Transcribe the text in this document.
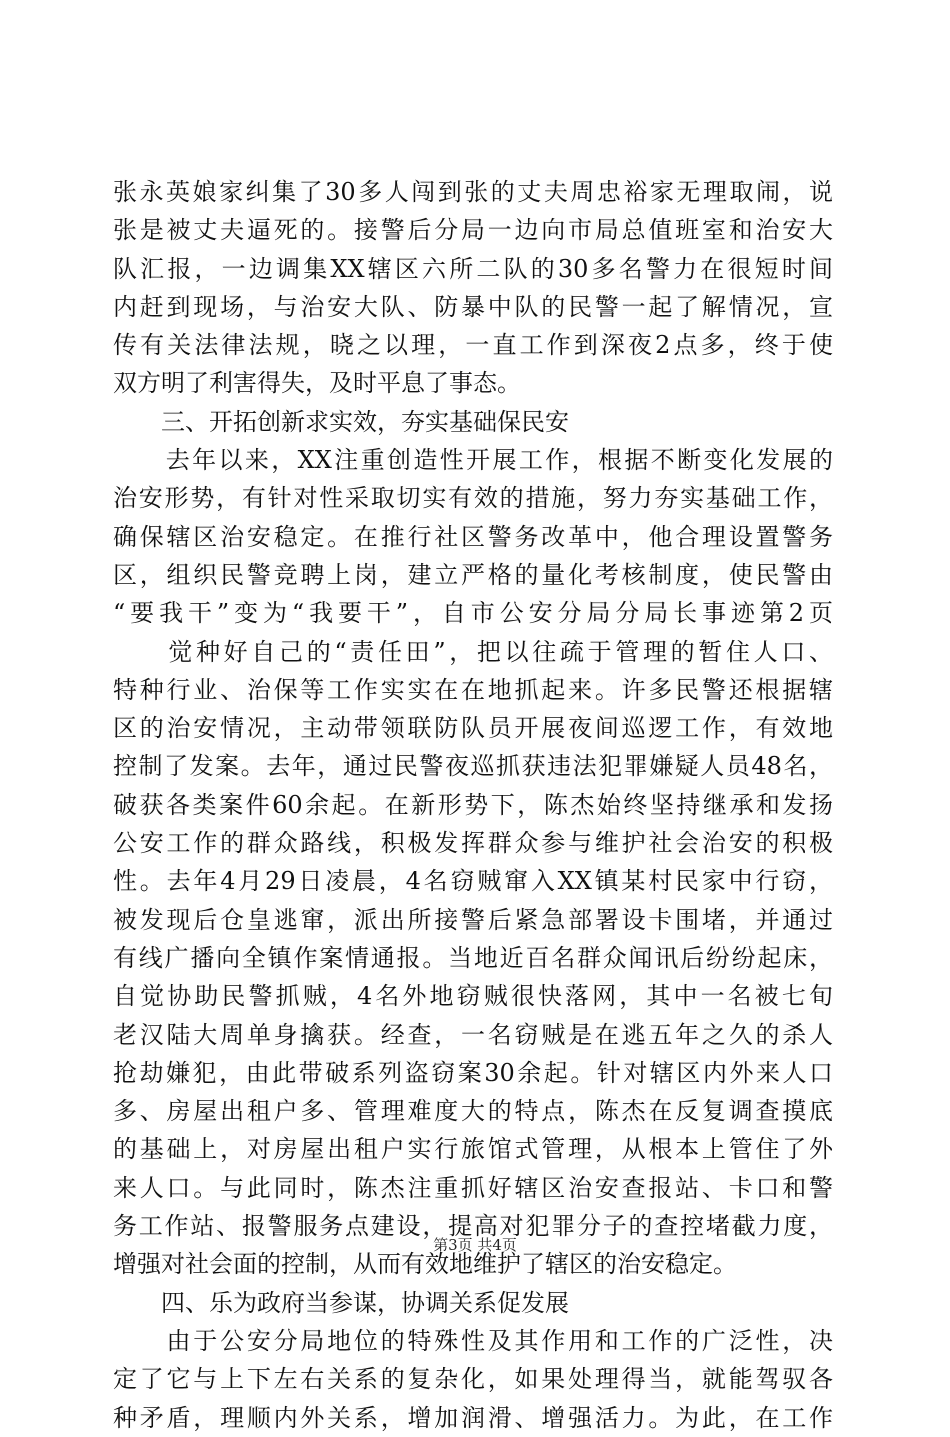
张永英娘家纠集了30多人闯到张的丈夫周忠裕家无理取闹，说
张是被丈夫逼死的。接警后分局一边向市局总值班室和治安大
队汇报，一边调集XX辖区六所二队的30多名警力在很短时间
内赶到现场，与治安大队、防暴中队的民警一起了解情况，宣
传有关法律法规，晓之以理，一直工作到深夜2点多，终于使
双方明了利害得失，及时平息了事态。
　　三、开拓创新求实效，夯实基础保民安
　　去年以来，XX注重创造性开展工作，根据不断变化发展的
治安形势，有针对性采取切实有效的措施，努力夯实基础工作，
确保辖区治安稳定。在推行社区警务改革中，他合理设置警务
区，组织民警竞聘上岗，建立严格的量化考核制度，使民警由
“要我干”变为“我要干”，自市公安分局分局长事迹第2页
　　觉种好自己的“责任田”，把以往疏于管理的暂住人口、
特种行业、治保等工作实实在在地抓起来。许多民警还根据辖
区的治安情况，主动带领联防队员开展夜间巡逻工作，有效地
控制了发案。去年，通过民警夜巡抓获违法犯罪嫌疑人员48名，
破获各类案件60余起。在新形势下，陈杰始终坚持继承和发扬
公安工作的群众路线，积极发挥群众参与维护社会治安的积极
性。去年4月29日凌晨，4名窃贼窜入XX镇某村民家中行窃，
被发现后仓皇逃窜，派出所接警后紧急部署设卡围堵，并通过
有线广播向全镇作案情通报。当地近百名群众闻讯后纷纷起床，
自觉协助民警抓贼，4名外地窃贼很快落网，其中一名被七旬
老汉陆大周单身擒获。经查，一名窃贼是在逃五年之久的杀人
抢劫嫌犯，由此带破系列盗窃案30余起。针对辖区内外来人口
多、房屋出租户多、管理难度大的特点，陈杰在反复调查摸底
的基础上，对房屋出租户实行旅馆式管理，从根本上管住了外
来人口。与此同时，陈杰注重抓好辖区治安查报站、卡口和警
务工作站、报警服务点建设，提高对犯罪分子的查控堵截力度，
增强对社会面的控制，从而有效地维护了辖区的治安稳定。
　　四、乐为政府当参谋，协调关系促发展
　　由于公安分局地位的特殊性及其作用和工作的广泛性，决
定了它与上下左右关系的复杂化，如果处理得当，就能驾驭各
种矛盾，理顺内外关系，增加润滑、增强活力。为此，在工作
第3页 共4页
